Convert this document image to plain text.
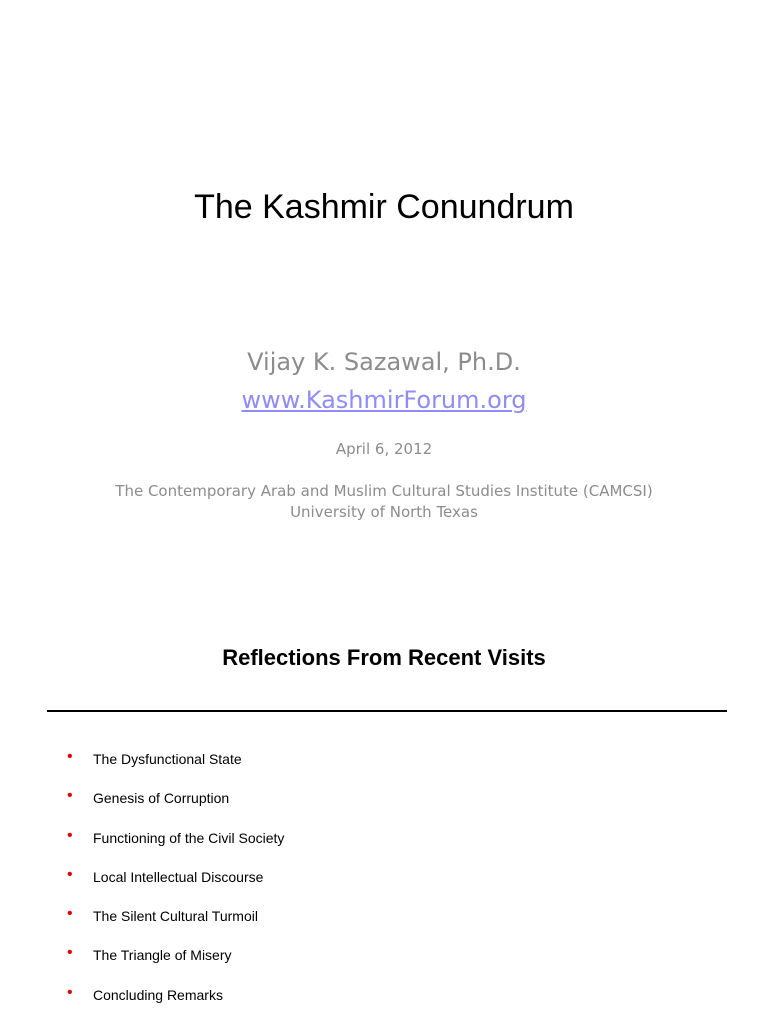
The Kashmir Conundrum
Vijay K. Sazawal, Ph.D.
www.KashmirForum.org
April 6, 2012
The Contemporary Arab and Muslim Cultural Studies Institute (CAMCSI)
University of North Texas
Reflections From Recent Visits
• The Dysfunctional State
• Genesis of Corruption
• Functioning of the Civil Society
• Local Intellectual Discourse
• The Silent Cultural Turmoil
• The Triangle of Misery
• Concluding Remarks
